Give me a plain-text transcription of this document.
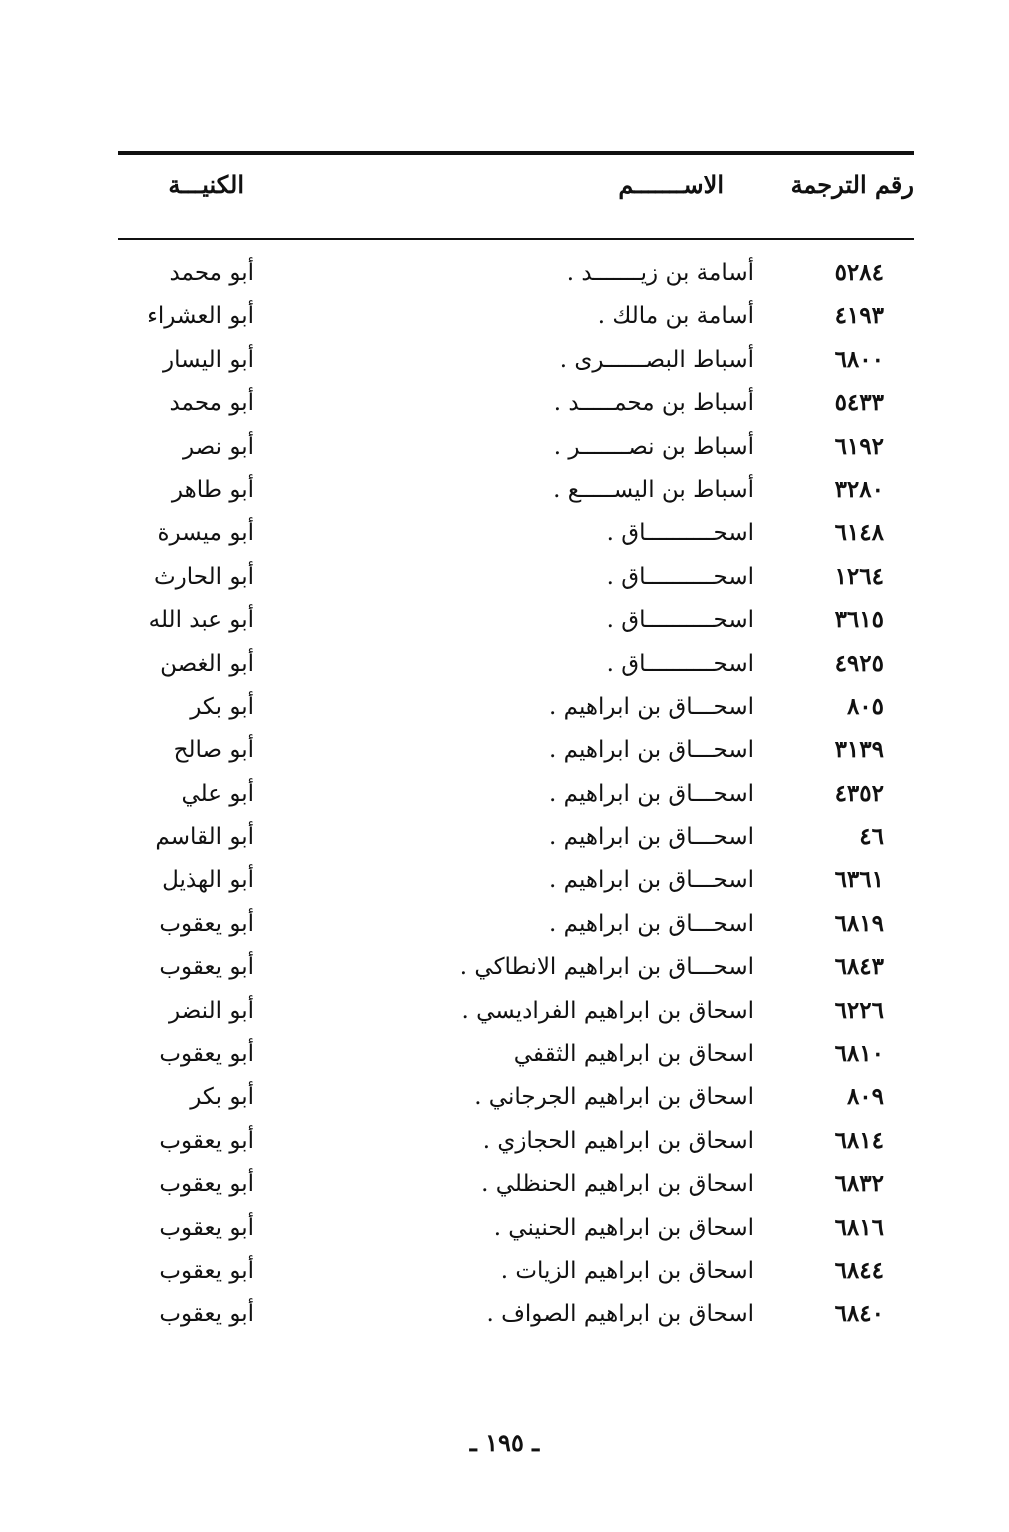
رقم الترجمة
الاســـــــم
الكنيـــة
٥٢٨٤
أسامة بن زيـــــــد .
أبو محمد
٤١٩٣
أسامة بن مالك .
أبو العشراء
٦٨٠٠
أسباط البصــــــرى .
أبو اليسار
٥٤٣٣
أسباط بن محمـــــد .
أبو محمد
٦١٩٢
أسباط بن نصـــــــر .
أبو نصر
٣٢٨٠
أسباط بن اليســـــع .
أبو طاهر
٦١٤٨
اسحــــــــــاق .
أبو ميسرة
١٢٦٤
اسحــــــــــاق .
أبو الحارث
٣٦١٥
اسحــــــــــاق .
أبو عبد الله
٤٩٢٥
اسحــــــــــاق .
أبو الغصن
٨٠٥
اسحـــاق بن ابراهيم .
أبو بكر
٣١٣٩
اسحـــاق بن ابراهيم .
أبو صالح
٤٣٥٢
اسحـــاق بن ابراهيم .
أبو علي
٤٦
اسحـــاق بن ابراهيم .
أبو القاسم
٦٣٦١
اسحـــاق بن ابراهيم .
أبو الهذيل
٦٨١٩
اسحـــاق بن ابراهيم .
أبو يعقوب
٦٨٤٣
اسحـــاق بن ابراهيم الانطاكي .
أبو يعقوب
٦٢٢٦
اسحاق بن ابراهيم الفراديسي .
أبو النضر
٦٨١٠
اسحاق بن ابراهيم الثقفي
أبو يعقوب
٨٠٩
اسحاق بن ابراهيم الجرجاني .
أبو بكر
٦٨١٤
اسحاق بن ابراهيم الحجازي .
أبو يعقوب
٦٨٣٢
اسحاق بن ابراهيم الحنظلي .
أبو يعقوب
٦٨١٦
اسحاق بن ابراهيم الحنيني .
أبو يعقوب
٦٨٤٤
اسحاق بن ابراهيم الزيات .
أبو يعقوب
٦٨٤٠
اسحاق بن ابراهيم الصواف .
أبو يعقوب
ـ ١٩٥ ـ
